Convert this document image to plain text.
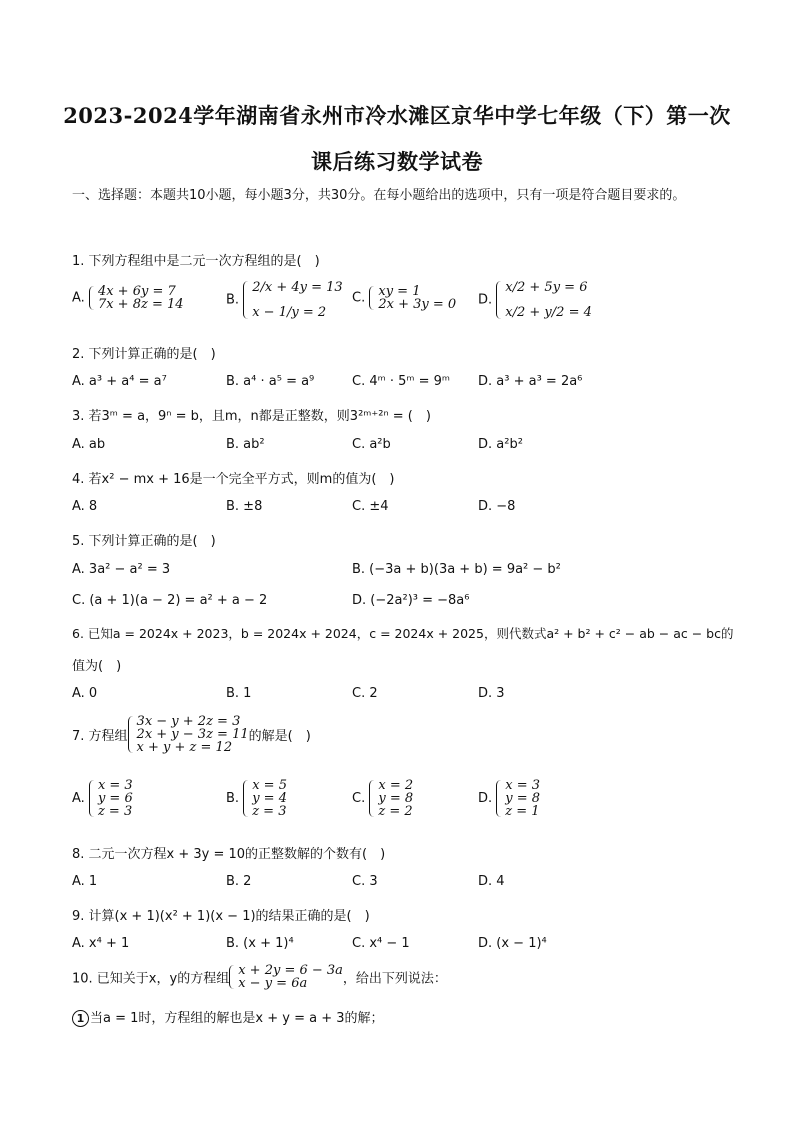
2023-2024学年湖南省永州市冷水滩区京华中学七年级（下）第一次
课后练习数学试卷
一、选择题：本题共10小题，每小题3分，共30分。在每小题给出的选项中，只有一项是符合题目要求的。
1. 下列方程组中是二元一次方程组的是(　)
A. 4x + 6y = 7
7x + 8z = 14	B.
2/x + 4y = 13
x − 1/y = 2
C. xy = 1
2x + 3y = 0 D.
x/2 + 5y = 6
x/2 + y/2 = 4
2. 下列计算正确的是(　)
A. a³ + a⁴ = a⁷	B. a⁴ · a⁵ = a⁹	C. 4ᵐ · 5ᵐ = 9ᵐ D. a³ + a³ = 2a⁶
3. 若3ᵐ = a，9ⁿ = b，且m，n都是正整数，则3²ᵐ⁺²ⁿ = (　)
A. ab	B. ab²	C. a²b	D. a²b²
4. 若x² − mx + 16是一个完全平方式，则m的值为(　)
A. 8	B. ±8	C. ±4	D. −8
5. 下列计算正确的是(　)
A. 3a² − a² = 3	B. (−3a + b)(3a + b) = 9a² − b²
C. (a + 1)(a − 2) = a² + a − 2	D. (−2a²)³ = −8a⁶
6. 已知a = 2024x + 2023，b = 2024x + 2024，c = 2024x + 2025，则代数式a² + b² + c² − ab − ac − bc的
值为(　)
A. 0	B. 1	C. 2	D. 3
7. 方程组
3x − y + 2z = 3
2x + y − 3z = 11
x + y + z = 12
的解是(　)
A.
x = 3
y = 6
z = 3
B.
x = 5
y = 4
z = 3
C.
x = 2
y = 8
z = 2
D.
x = 3
y = 8
z = 1
8. 二元一次方程x + 3y = 10的正整数解的个数有(　)
A. 1	B. 2	C. 3	D. 4
9. 计算(x + 1)(x² + 1)(x − 1)的结果正确的是(　)
A. x⁴ + 1	B. (x + 1)⁴	C. x⁴ − 1	D. (x − 1)⁴
10. 已知关于x，y的方程组
x + 2y = 6 − 3a
x − y = 6a	，给出下列说法：
1 当a = 1时，方程组的解也是x + y = a + 3的解；
